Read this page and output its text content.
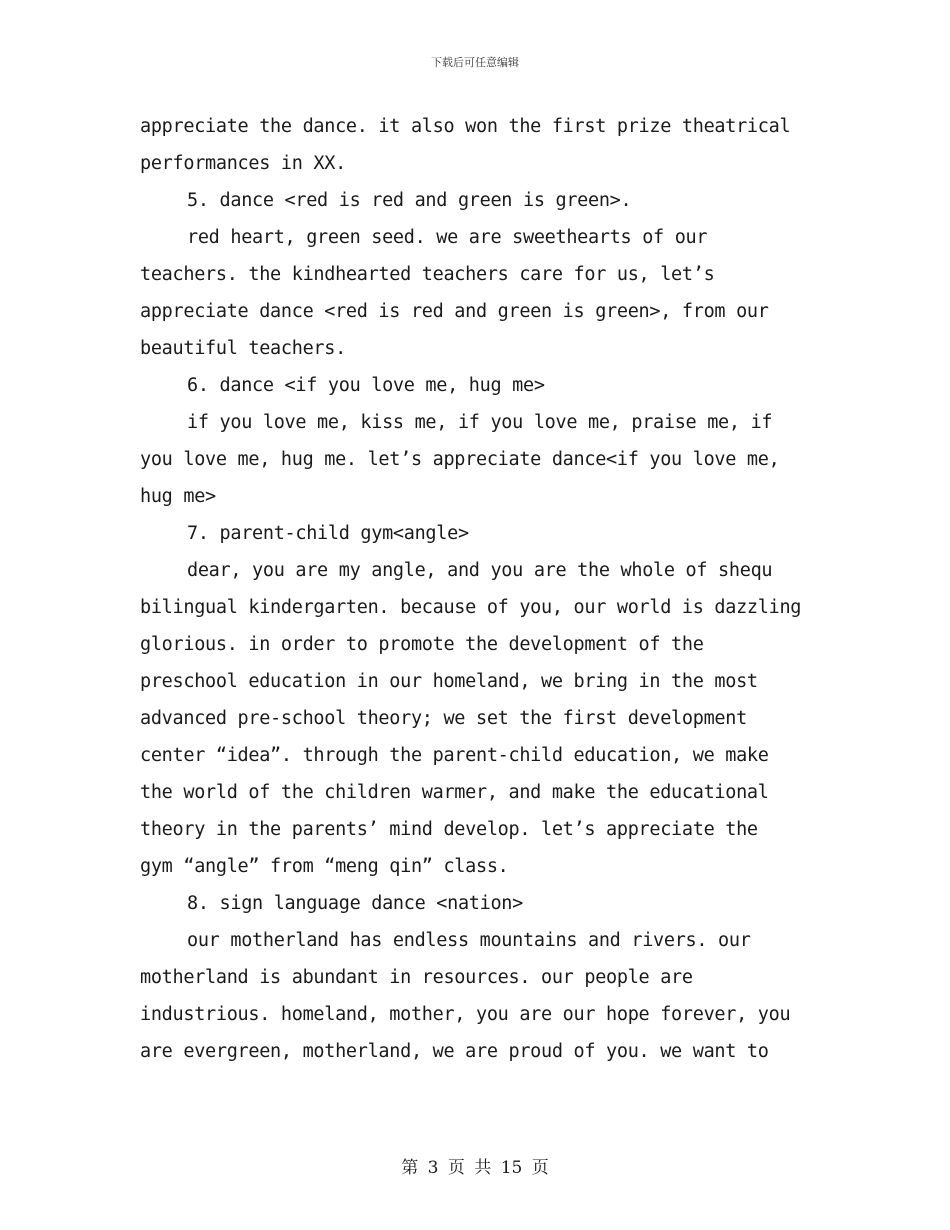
下载后可任意编辑

appreciate the dance. it also won the first prize theatrical

performances in XX.

5. dance <red is red and green is green>.

red heart, green seed. we are sweethearts of our

teachers. the kindhearted teachers care for us, let’s

appreciate dance <red is red and green is green>, from our

beautiful teachers.

6. dance <if you love me, hug me>

if you love me, kiss me, if you love me, praise me, if

you love me, hug me. let’s appreciate dance<if you love me,

hug me>

7. parent-child gym<angle>

dear, you are my angle, and you are the whole of shequ

bilingual kindergarten. because of you, our world is dazzling

glorious. in order to promote the development of the

preschool education in our homeland, we bring in the most

advanced pre-school theory; we set the first development

center “idea”. through the parent-child education, we make

the world of the children warmer, and make the educational

theory in the parents’ mind develop. let’s appreciate the

gym “angle” from “meng qin” class.

8. sign language dance <nation>

our motherland has endless mountains and rivers. our

motherland is abundant in resources. our people are

industrious. homeland, mother, you are our hope forever, you

are evergreen, motherland, we are proud of you. we want to

第 3 页 共 15 页
